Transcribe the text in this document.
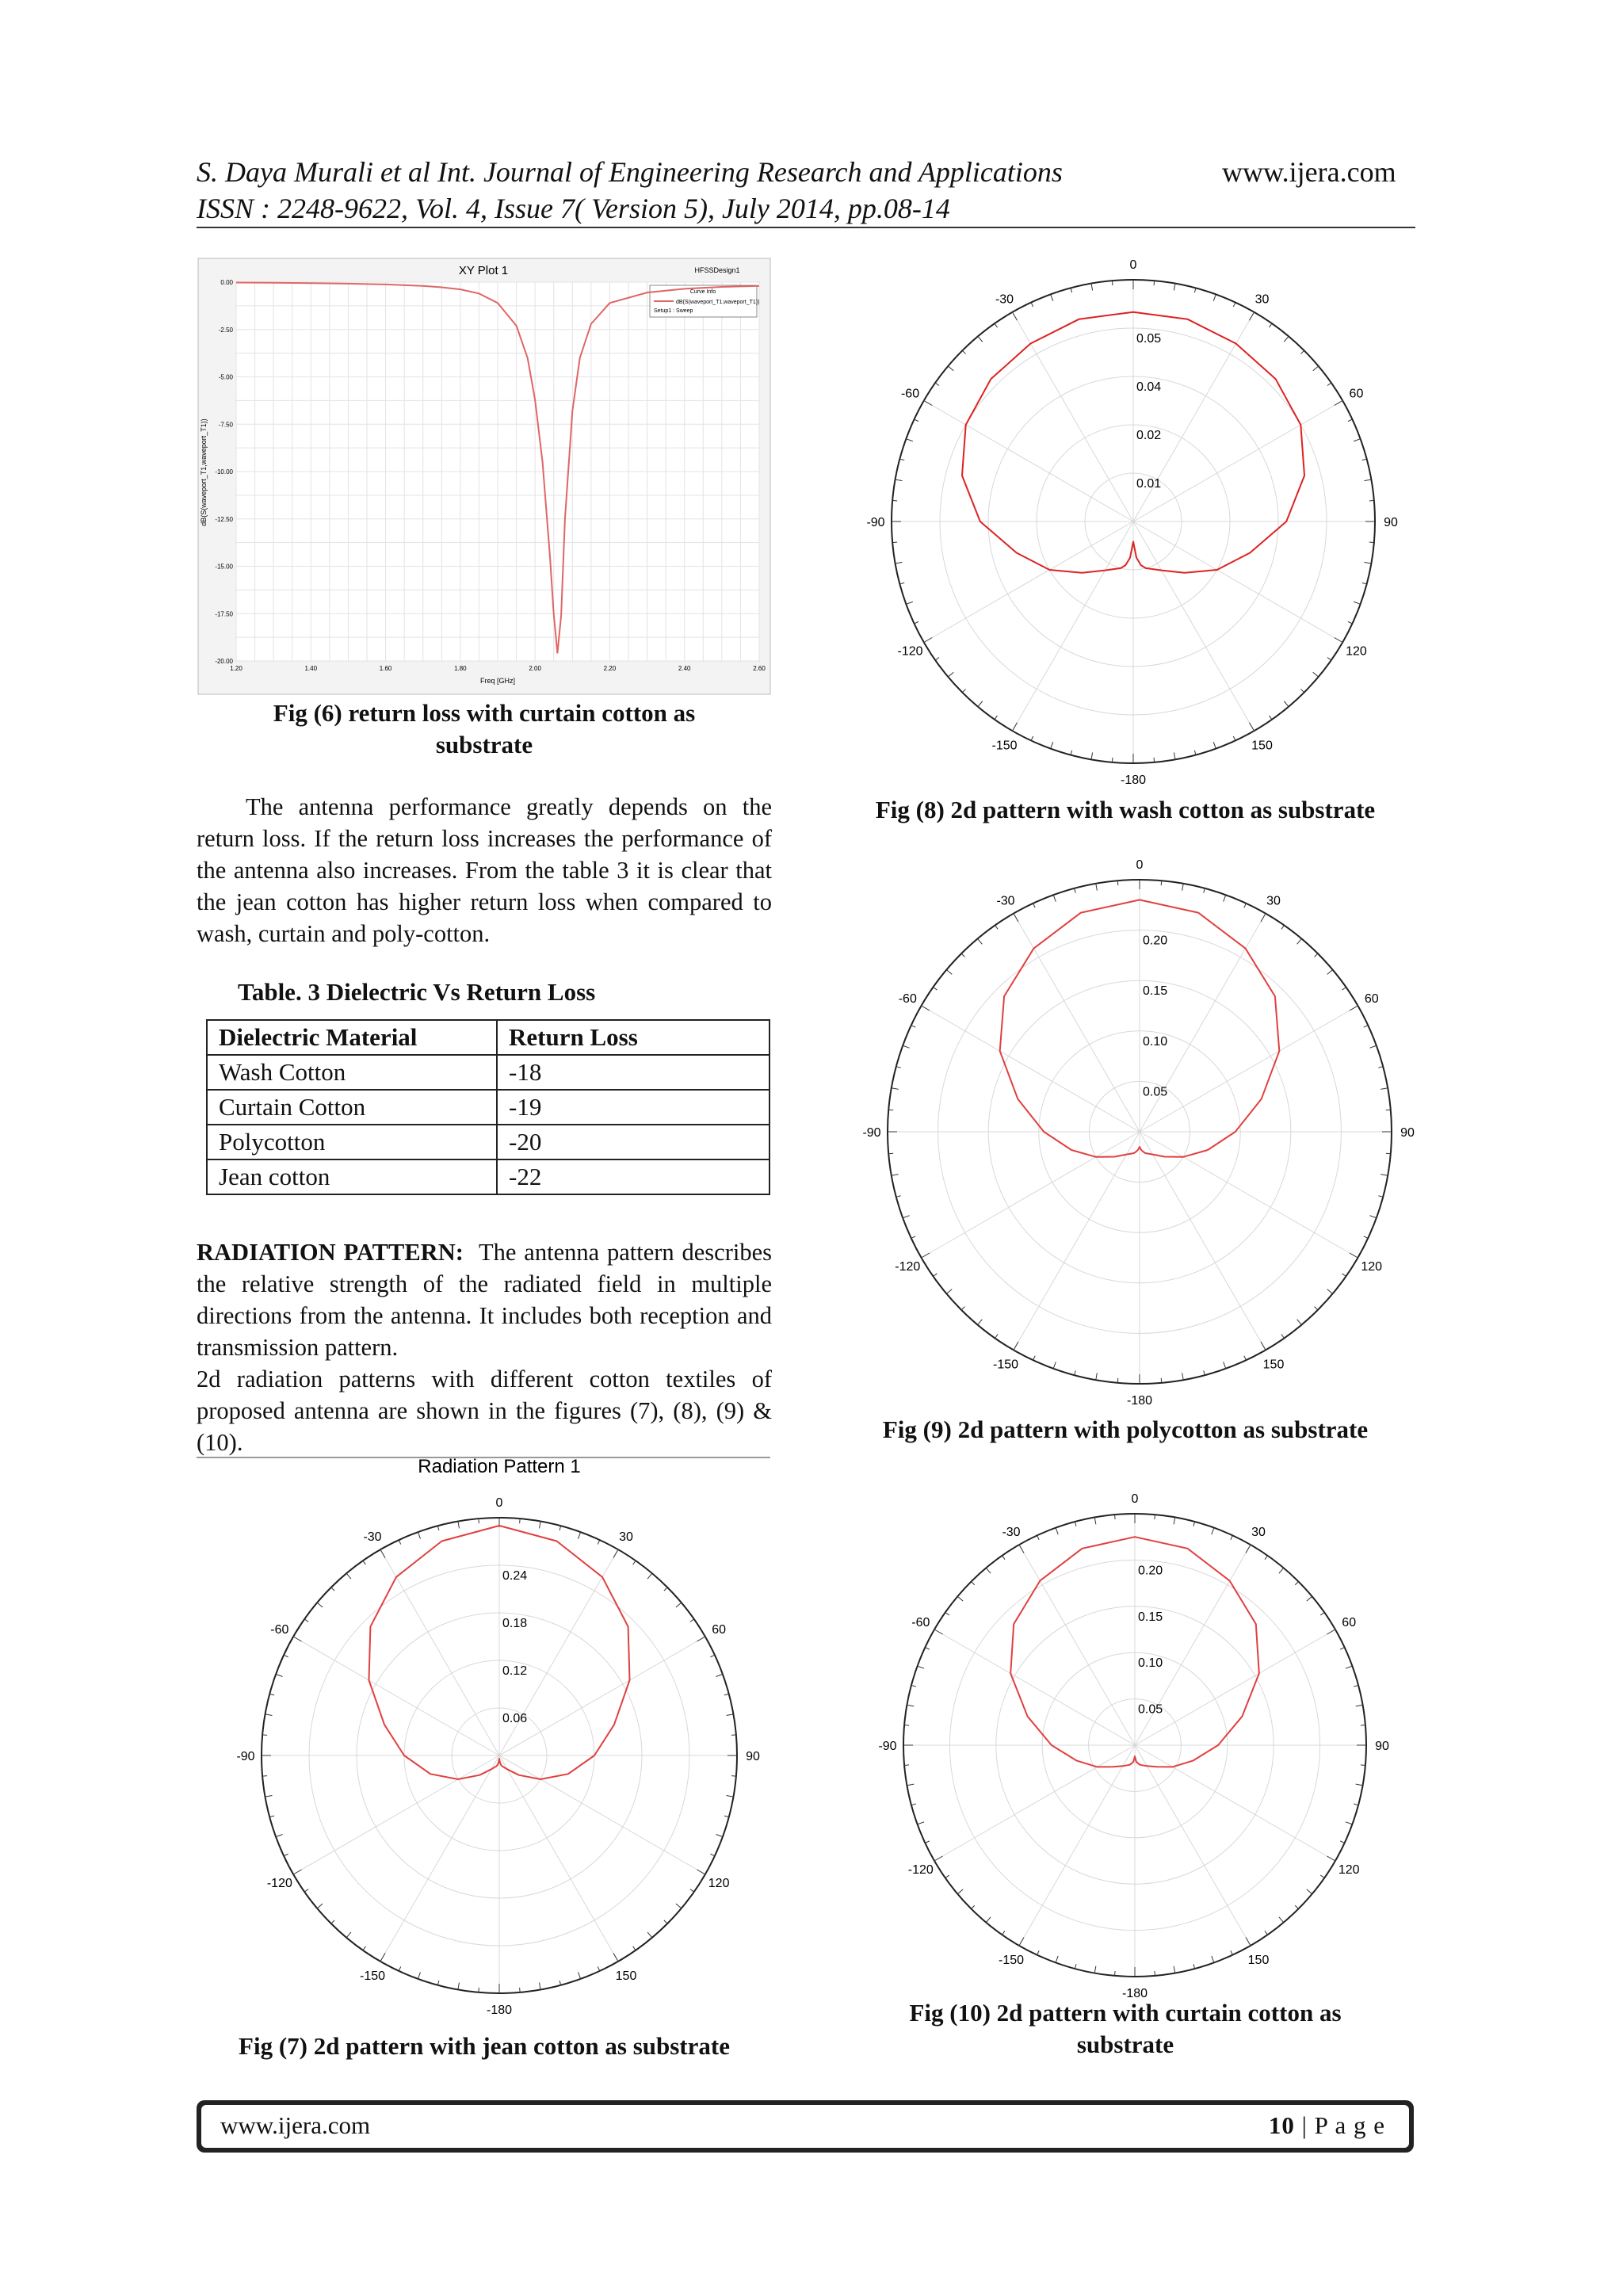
S. Daya Murali et al Int. Journal of Engineering Research and Applications	www.ijera.com
ISSN : 2248-9622, Vol. 4, Issue 7( Version 5), July 2014, pp.08-14
XY Plot 1	HFSSDesign1
Curve Info
dB(S(waveport_T1,waveport_T1))
Setup1 : Sweep
dB(S(waveport_T1,waveport_T1))
Freq [GHz]
1.20	1.40	1.60	1.80	2.00	2.20	2.40	2.60
0.00
-2.50
-5.00
-7.50
-10.00
-12.50
-15.00
-17.50
-20.00
Fig (6) return loss with curtain cotton as
substrate
The antenna performance greatly depends on the return loss. If the return loss increases the performance of the antenna also increases. From the table 3 it is clear that the jean cotton has higher return loss when compared to wash, curtain and poly-cotton.
Table. 3 Dielectric Vs Return Loss
Dielectric Material	Return Loss
Wash Cotton	-18
Curtain Cotton	-19
Polycotton	-20
Jean cotton	-22
RADIATION PATTERN: The antenna pattern describes the relative strength of the radiated field in multiple directions from the antenna. It includes both reception and transmission pattern.
2d radiation patterns with different cotton textiles of proposed antenna are shown in the figures (7), (8), (9) & (10).
Radiation Pattern 1
0
30
60
90
120
150
-180
-150
-120
-90
-60
-30
0.06
0.12
0.18
0.24
Fig (7) 2d pattern with jean cotton as substrate
0
30
60
90
120
150
-180
-150
-120
-90
-60
-30
0.01
0.02
0.04
0.05
Fig (8) 2d pattern with wash cotton as substrate
0
30
60
90
120
150
-180
-150
-120
-90
-60
-30
0.05
0.10
0.15
0.20
Fig (9) 2d pattern with polycotton as substrate
0
30
60
90
120
150
-180
-150
-120
-90
-60
-30
0.05
0.10
0.15
0.20
Fig (10) 2d pattern with curtain cotton as
substrate
www.ijera.com	10 | P a g e
